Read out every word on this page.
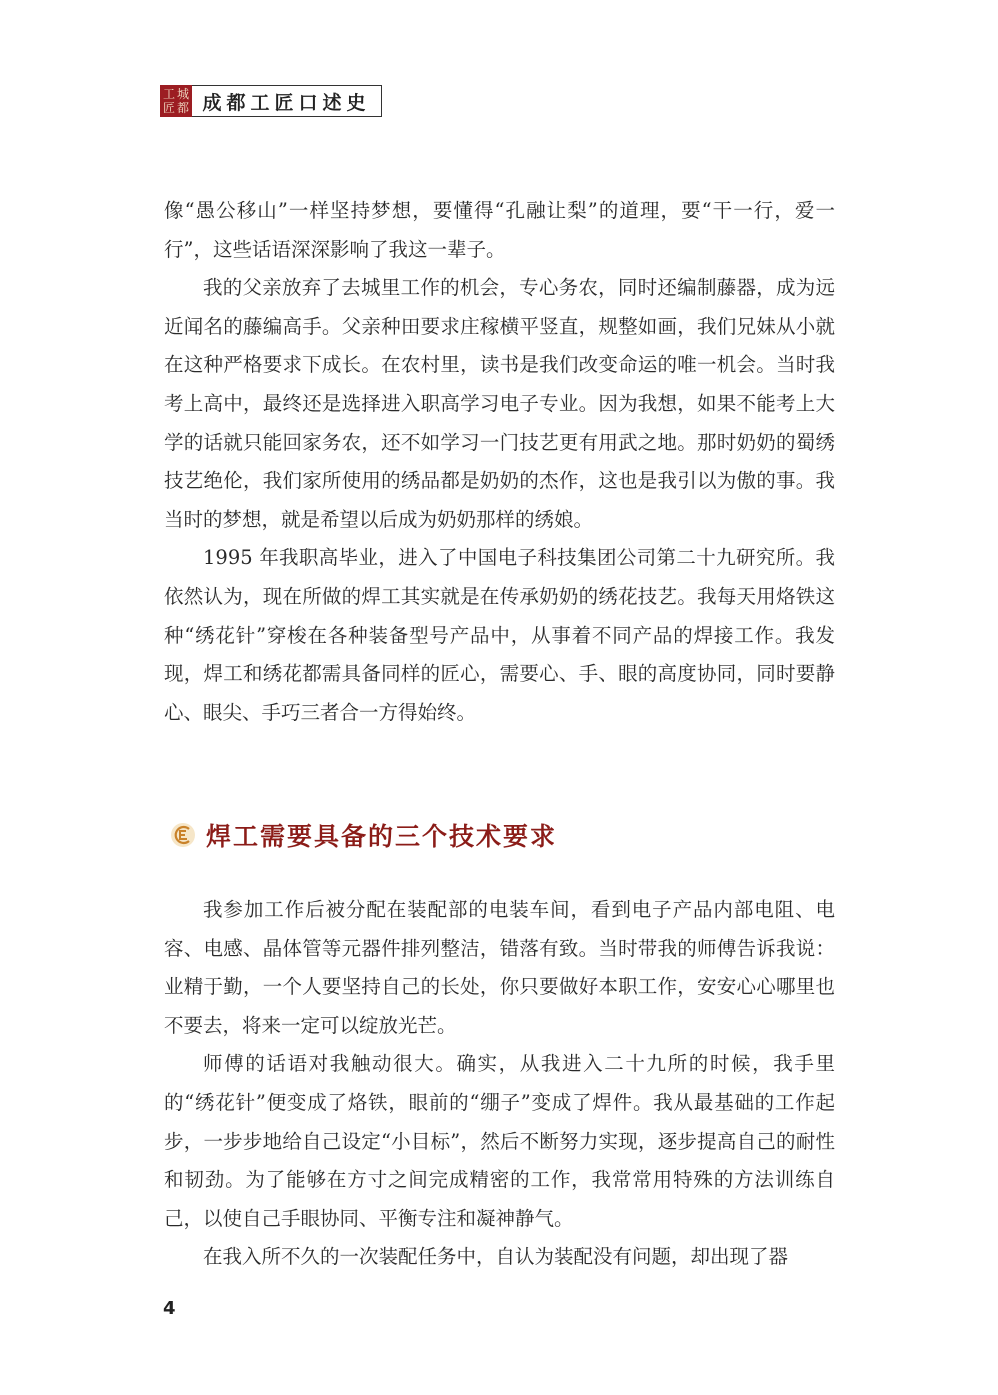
工 城
匠 都 成都工匠口述史

像“愚公移山”一样坚持梦想，要懂得“孔融让梨”的道理，要“干一行，爱一行”，这些话语深深影响了我这一辈子。

我的父亲放弃了去城里工作的机会，专心务农，同时还编制藤器，成为远近闻名的藤编高手。父亲种田要求庄稼横平竖直，规整如画，我们兄妹从小就在这种严格要求下成长。在农村里，读书是我们改变命运的唯一机会。当时我考上高中，最终还是选择进入职高学习电子专业。因为我想，如果不能考上大学的话就只能回家务农，还不如学习一门技艺更有用武之地。那时奶奶的蜀绣技艺绝伦，我们家所使用的绣品都是奶奶的杰作，这也是我引以为傲的事。我当时的梦想，就是希望以后成为奶奶那样的绣娘。

1995 年我职高毕业，进入了中国电子科技集团公司第二十九研究所。我依然认为，现在所做的焊工其实就是在传承奶奶的绣花技艺。我每天用烙铁这种“绣花针”穿梭在各种装备型号产品中，从事着不同产品的焊接工作。我发现，焊工和绣花都需具备同样的匠心，需要心、手、眼的高度协同，同时要静心、眼尖、手巧三者合一方得始终。

焊工需要具备的三个技术要求

我参加工作后被分配在装配部的电装车间，看到电子产品内部电阻、电容、电感、晶体管等元器件排列整洁，错落有致。当时带我的师傅告诉我说：业精于勤，一个人要坚持自己的长处，你只要做好本职工作，安安心心哪里也不要去，将来一定可以绽放光芒。

师傅的话语对我触动很大。确实，从我进入二十九所的时候，我手里的“绣花针”便变成了烙铁，眼前的“绷子”变成了焊件。我从最基础的工作起步，一步步地给自己设定“小目标”，然后不断努力实现，逐步提高自己的耐性和韧劲。为了能够在方寸之间完成精密的工作，我常常用特殊的方法训练自己，以使自己手眼协同、平衡专注和凝神静气。

在我入所不久的一次装配任务中，自认为装配没有问题，却出现了器

4
